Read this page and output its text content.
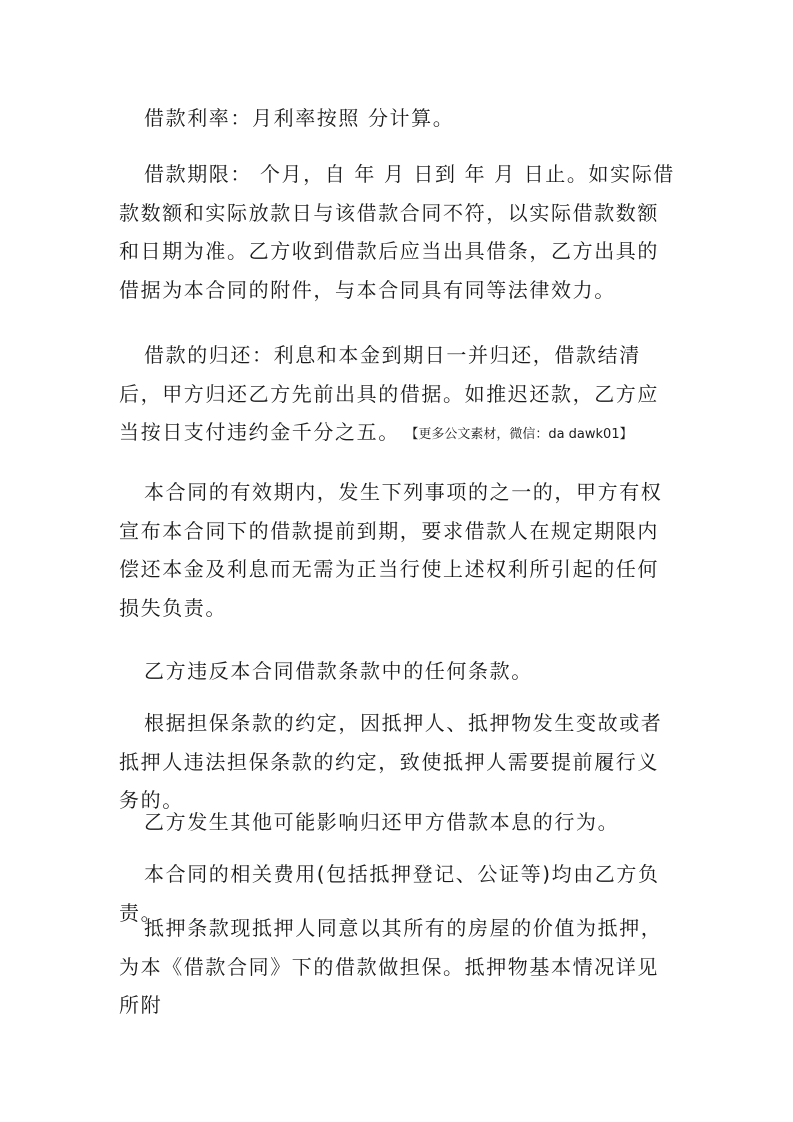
借款利率：月利率按照 分计算。

借款期限： 个月，自 年 月 日到 年 月 日止。如实际借款数额和实际放款日与该借款合同不符，以实际借款数额和日期为准。乙方收到借款后应当出具借条，乙方出具的借据为本合同的附件，与本合同具有同等法律效力。

借款的归还：利息和本金到期日一并归还，借款结清后，甲方归还乙方先前出具的借据。如推迟还款，乙方应当按日支付违约金千分之五。 【更多公文素材，微信：da dawk01】

本合同的有效期内，发生下列事项的之一的，甲方有权宣布本合同下的借款提前到期，要求借款人在规定期限内偿还本金及利息而无需为正当行使上述权利所引起的任何损失负责。

乙方违反本合同借款条款中的任何条款。

根据担保条款的约定，因抵押人、抵押物发生变故或者抵押人违法担保条款的约定，致使抵押人需要提前履行义务的。

乙方发生其他可能影响归还甲方借款本息的行为。

本合同的相关费用(包括抵押登记、公证等)均由乙方负责。

抵押条款现抵押人同意以其所有的房屋的价值为抵押，为本《借款合同》下的借款做担保。抵押物基本情况详见所附
